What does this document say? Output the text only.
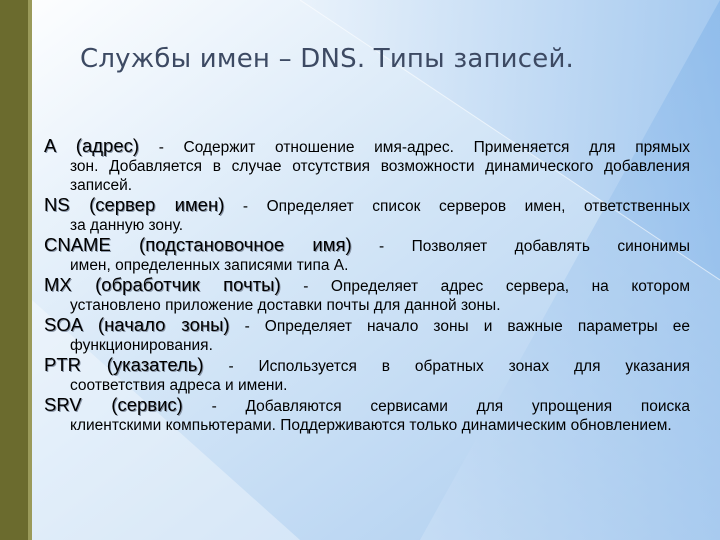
Службы имен – DNS. Типы записей.
A (адрес) - Содержит отношение имя-адрес. Применяется для прямых
зон. Добавляется в случае отсутствия возможности динамического добавления записей.
NS (сервер имен) - Определяет список серверов имен, ответственных
за данную зону.
CNAME (подстановочное имя) - Позволяет добавлять синонимы
имен, определенных записями типа А.
MX (обработчик почты) - Определяет адрес сервера, на котором
установлено приложение доставки почты для данной зоны.
SOA (начало зоны) - Определяет начало зоны и важные параметры ее
функционирования.
PTR (указатель) - Используется в обратных зонах для указания
соответствия адреса и имени.
SRV (сервис) - Добавляются сервисами для упрощения поиска
клиентскими компьютерами. Поддерживаются только динамическим обновлением.
